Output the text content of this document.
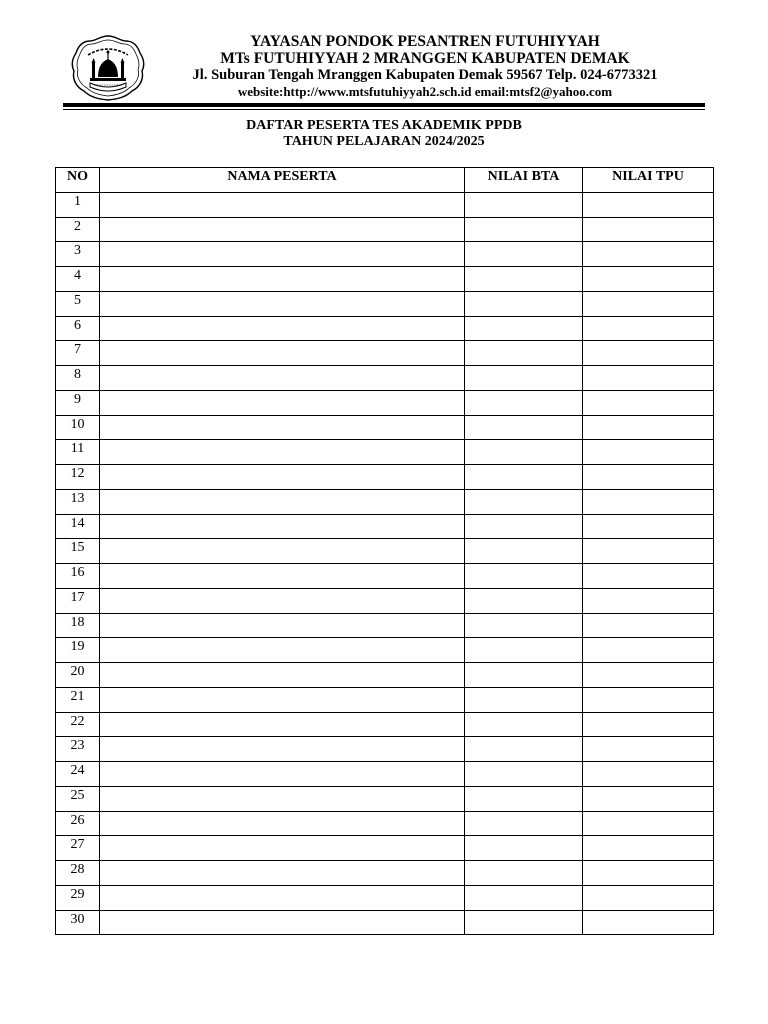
YAYASAN PONDOK PESANTREN FUTUHIYYAH
MTs FUTUHIYYAH 2 MRANGGEN KABUPATEN DEMAK
Jl. Suburan Tengah Mranggen Kabupaten Demak 59567 Telp. 024-6773321
website:http://www.mtsfutuhiyyah2.sch.id email:mtsf2@yahoo.com
DAFTAR PESERTA TES AKADEMIK PPDB
TAHUN PELAJARAN 2024/2025
NO	NAMA PESERTA	NILAI BTA	NILAI TPU
1			
2			
3			
4			
5			
6			
7			
8			
9			
10			
11			
12			
13			
14			
15			
16			
17			
18			
19			
20			
21			
22			
23			
24			
25			
26			
27			
28			
29			
30			
